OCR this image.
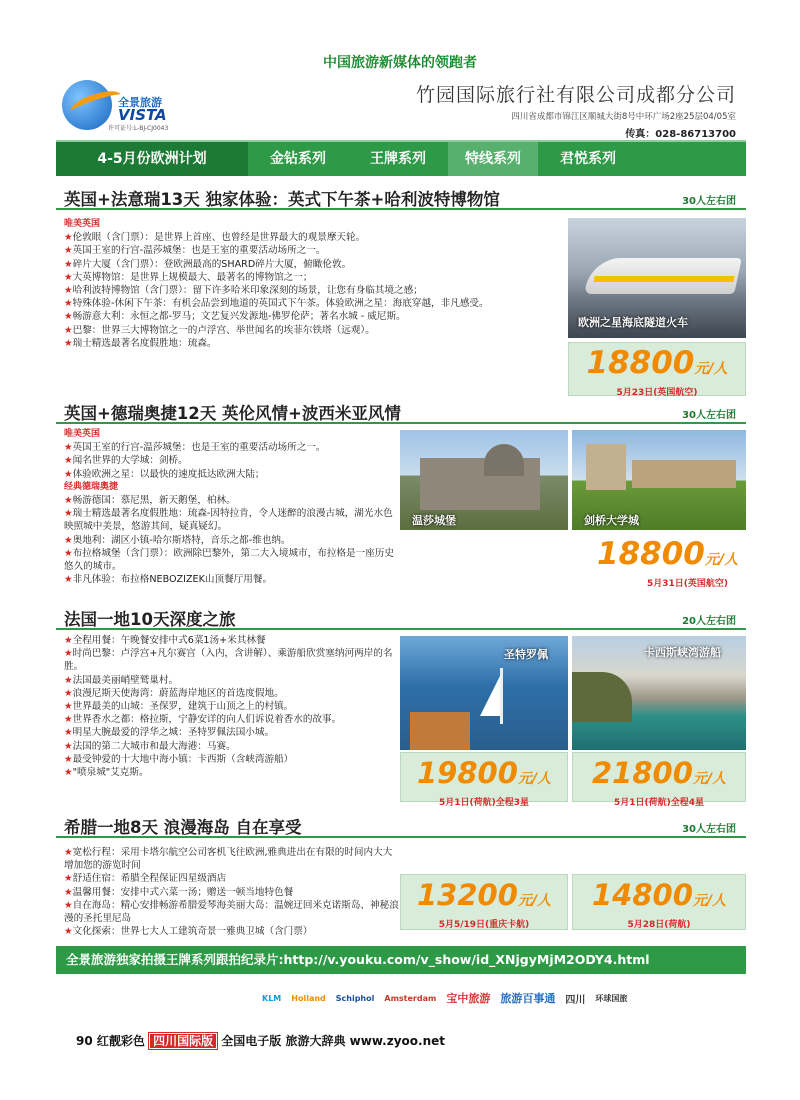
中国旅游新媒体的领跑者
全景旅游
VISTA
许可证号:L-BJ-CJ0043
竹园国际旅行社有限公司成都分公司
四川省成都市锦江区顺城大街8号中环广场2座25层04/05室
传真：028-86713700
4-5月份欧洲计划	金钻系列	王牌系列	特线系列	君悦系列
英国+法意瑞13天 独家体验：英式下午茶+哈利波特博物馆	30人左右团
唯美英国
★伦敦眼（含门票）：是世界上首座、也曾经是世界最大的观景摩天轮。
★英国王室的行宫-温莎城堡：也是王室的重要活动场所之一。
★碎片大厦（含门票）：登欧洲最高的SHARD碎片大厦，俯瞰伦敦。
★大英博物馆：是世界上规模最大、最著名的博物馆之一；
★哈利波特博物馆（含门票）：留下许多哈米印象深刻的场景，让您有身临其境之感；
★特殊体验-休闲下午茶：有机会品尝到地道的英国式下午茶。体验欧洲之星：海底穿越，非凡感受。
★畅游意大利：永恒之都-罗马；文艺复兴发源地-佛罗伦萨；著名水城 - 威尼斯。
★巴黎：世界三大博物馆之一的卢浮宫、举世闻名的埃菲尔铁塔（远观）。
★瑞士精选最著名度假胜地：琉森。
欧洲之星海底隧道火车
18800元/人
5月23日(英国航空)
英国+德瑞奥捷12天 英伦风情+波西米亚风情	30人左右团
唯美英国
★英国王室的行宫-温莎城堡：也是王室的重要活动场所之一。
★闻名世界的大学城：剑桥。
★体验欧洲之星：以最快的速度抵达欧洲大陆；
经典德瑞奥捷
★畅游德国：慕尼黑，新天鹅堡，柏林。
★瑞士精选最著名度假胜地：琉森-因特拉肯，令人迷醉的浪漫古城，湖光水色映照城中美景，悠游其间，疑真疑幻。
★奥地利：湖区小镇-哈尔斯塔特，音乐之都-维也纳。
★布拉格城堡（含门票）：欧洲除巴黎外，第二大入境城市，布拉格是一座历史悠久的城市。
★非凡体验：布拉格NEBOZIZEK山顶餐厅用餐。
温莎城堡	剑桥大学城
18800元/人
5月31日(英国航空)
法国一地10天深度之旅	20人左右团
★全程用餐：午晚餐安排中式6菜1汤+米其林餐
★时尚巴黎：卢浮宫+凡尔赛宫（入内，含讲解）、乘游船欣赏塞纳河两岸的名胜。
★法国最美丽峭壁鹫巢村。
★浪漫尼斯天使海湾：蔚蓝海岸地区的首选度假地。
★世界最美的山城：圣保罗，建筑于山顶之上的村镇。
★世界香水之都：格拉斯，宁静安详的向人们诉说着香水的故事。
★明星大腕最爱的浮华之城：圣特罗佩法国小城。
★法国的第二大城市和最大海港：马赛。
★最受钟爱的十大地中海小镇：卡西斯（含峡湾游船）
★"喷泉城"艾克斯。
圣特罗佩	卡西斯峡湾游船
19800元/人
5月1日(荷航)全程3星
21800元/人
5月1日(荷航)全程4星
希腊一地8天 浪漫海岛 自在享受	30人左右团
★宽松行程：采用卡塔尔航空公司客机飞往欧洲,雅典进出在有限的时间内大大增加您的游览时间
★舒适住宿：希腊全程保证四星级酒店
★温馨用餐：安排中式六菜一汤；赠送一顿当地特色餐
★自在海岛：精心安排畅游希腊爱琴海美丽大岛：温婉迂回米克诺斯岛、神秘浪漫的圣托里尼岛
★文化探索：世界七大人工建筑奇景一雅典卫城（含门票）
13200元/人
5月5/19日(重庆卡航)
14800元/人
5月28日(荷航)
全景旅游独家拍摄王牌系列跟拍纪录片:http://v.youku.com/v_show/id_XNjgyMjM2ODY4.html
KLM Holland Schiphol Amsterdam 宝中旅游 旅游百事通 四川 环球国旅
90 红靓彩色 四川国际版 全国电子版 旅游大辞典 www.zyoo.net
